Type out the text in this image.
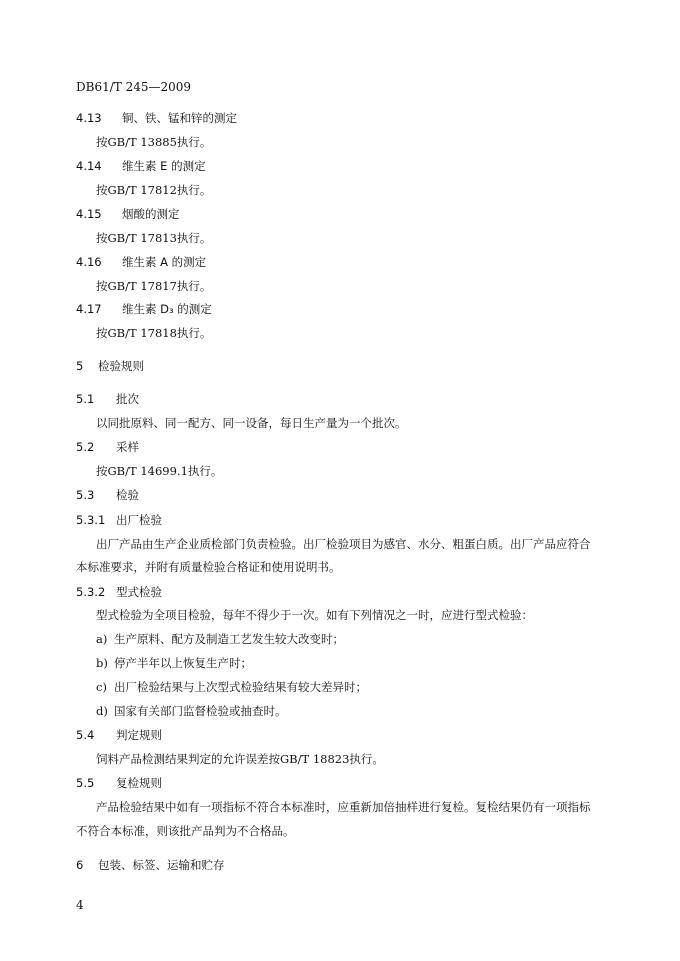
DB61/T 245—2009
4.13 铜、铁、锰和锌的测定
按GB/T 13885执行。
4.14 维生素 E 的测定
按GB/T 17812执行。
4.15 烟酸的测定
按GB/T 17813执行。
4.16 维生素 A 的测定
按GB/T 17817执行。
4.17 维生素 D₃ 的测定
按GB/T 17818执行。
5 检验规则
5.1 批次
以同批原料、同一配方、同一设备，每日生产量为一个批次。
5.2 采样
按GB/T 14699.1执行。
5.3 检验
5.3.1 出厂检验
出厂产品由生产企业质检部门负责检验。出厂检验项目为感官、水分、粗蛋白质。出厂产品应符合
本标准要求，并附有质量检验合格证和使用说明书。
5.3.2 型式检验
型式检验为全项目检验，每年不得少于一次。如有下列情况之一时，应进行型式检验：
a) 生产原料、配方及制造工艺发生较大改变时；
b) 停产半年以上恢复生产时；
c) 出厂检验结果与上次型式检验结果有较大差异时；
d) 国家有关部门监督检验或抽查时。
5.4 判定规则
饲料产品检测结果判定的允许误差按GB/T 18823执行。
5.5 复检规则
产品检验结果中如有一项指标不符合本标准时，应重新加倍抽样进行复检。复检结果仍有一项指标
不符合本标准，则该批产品判为不合格品。
6 包装、标签、运输和贮存
4
